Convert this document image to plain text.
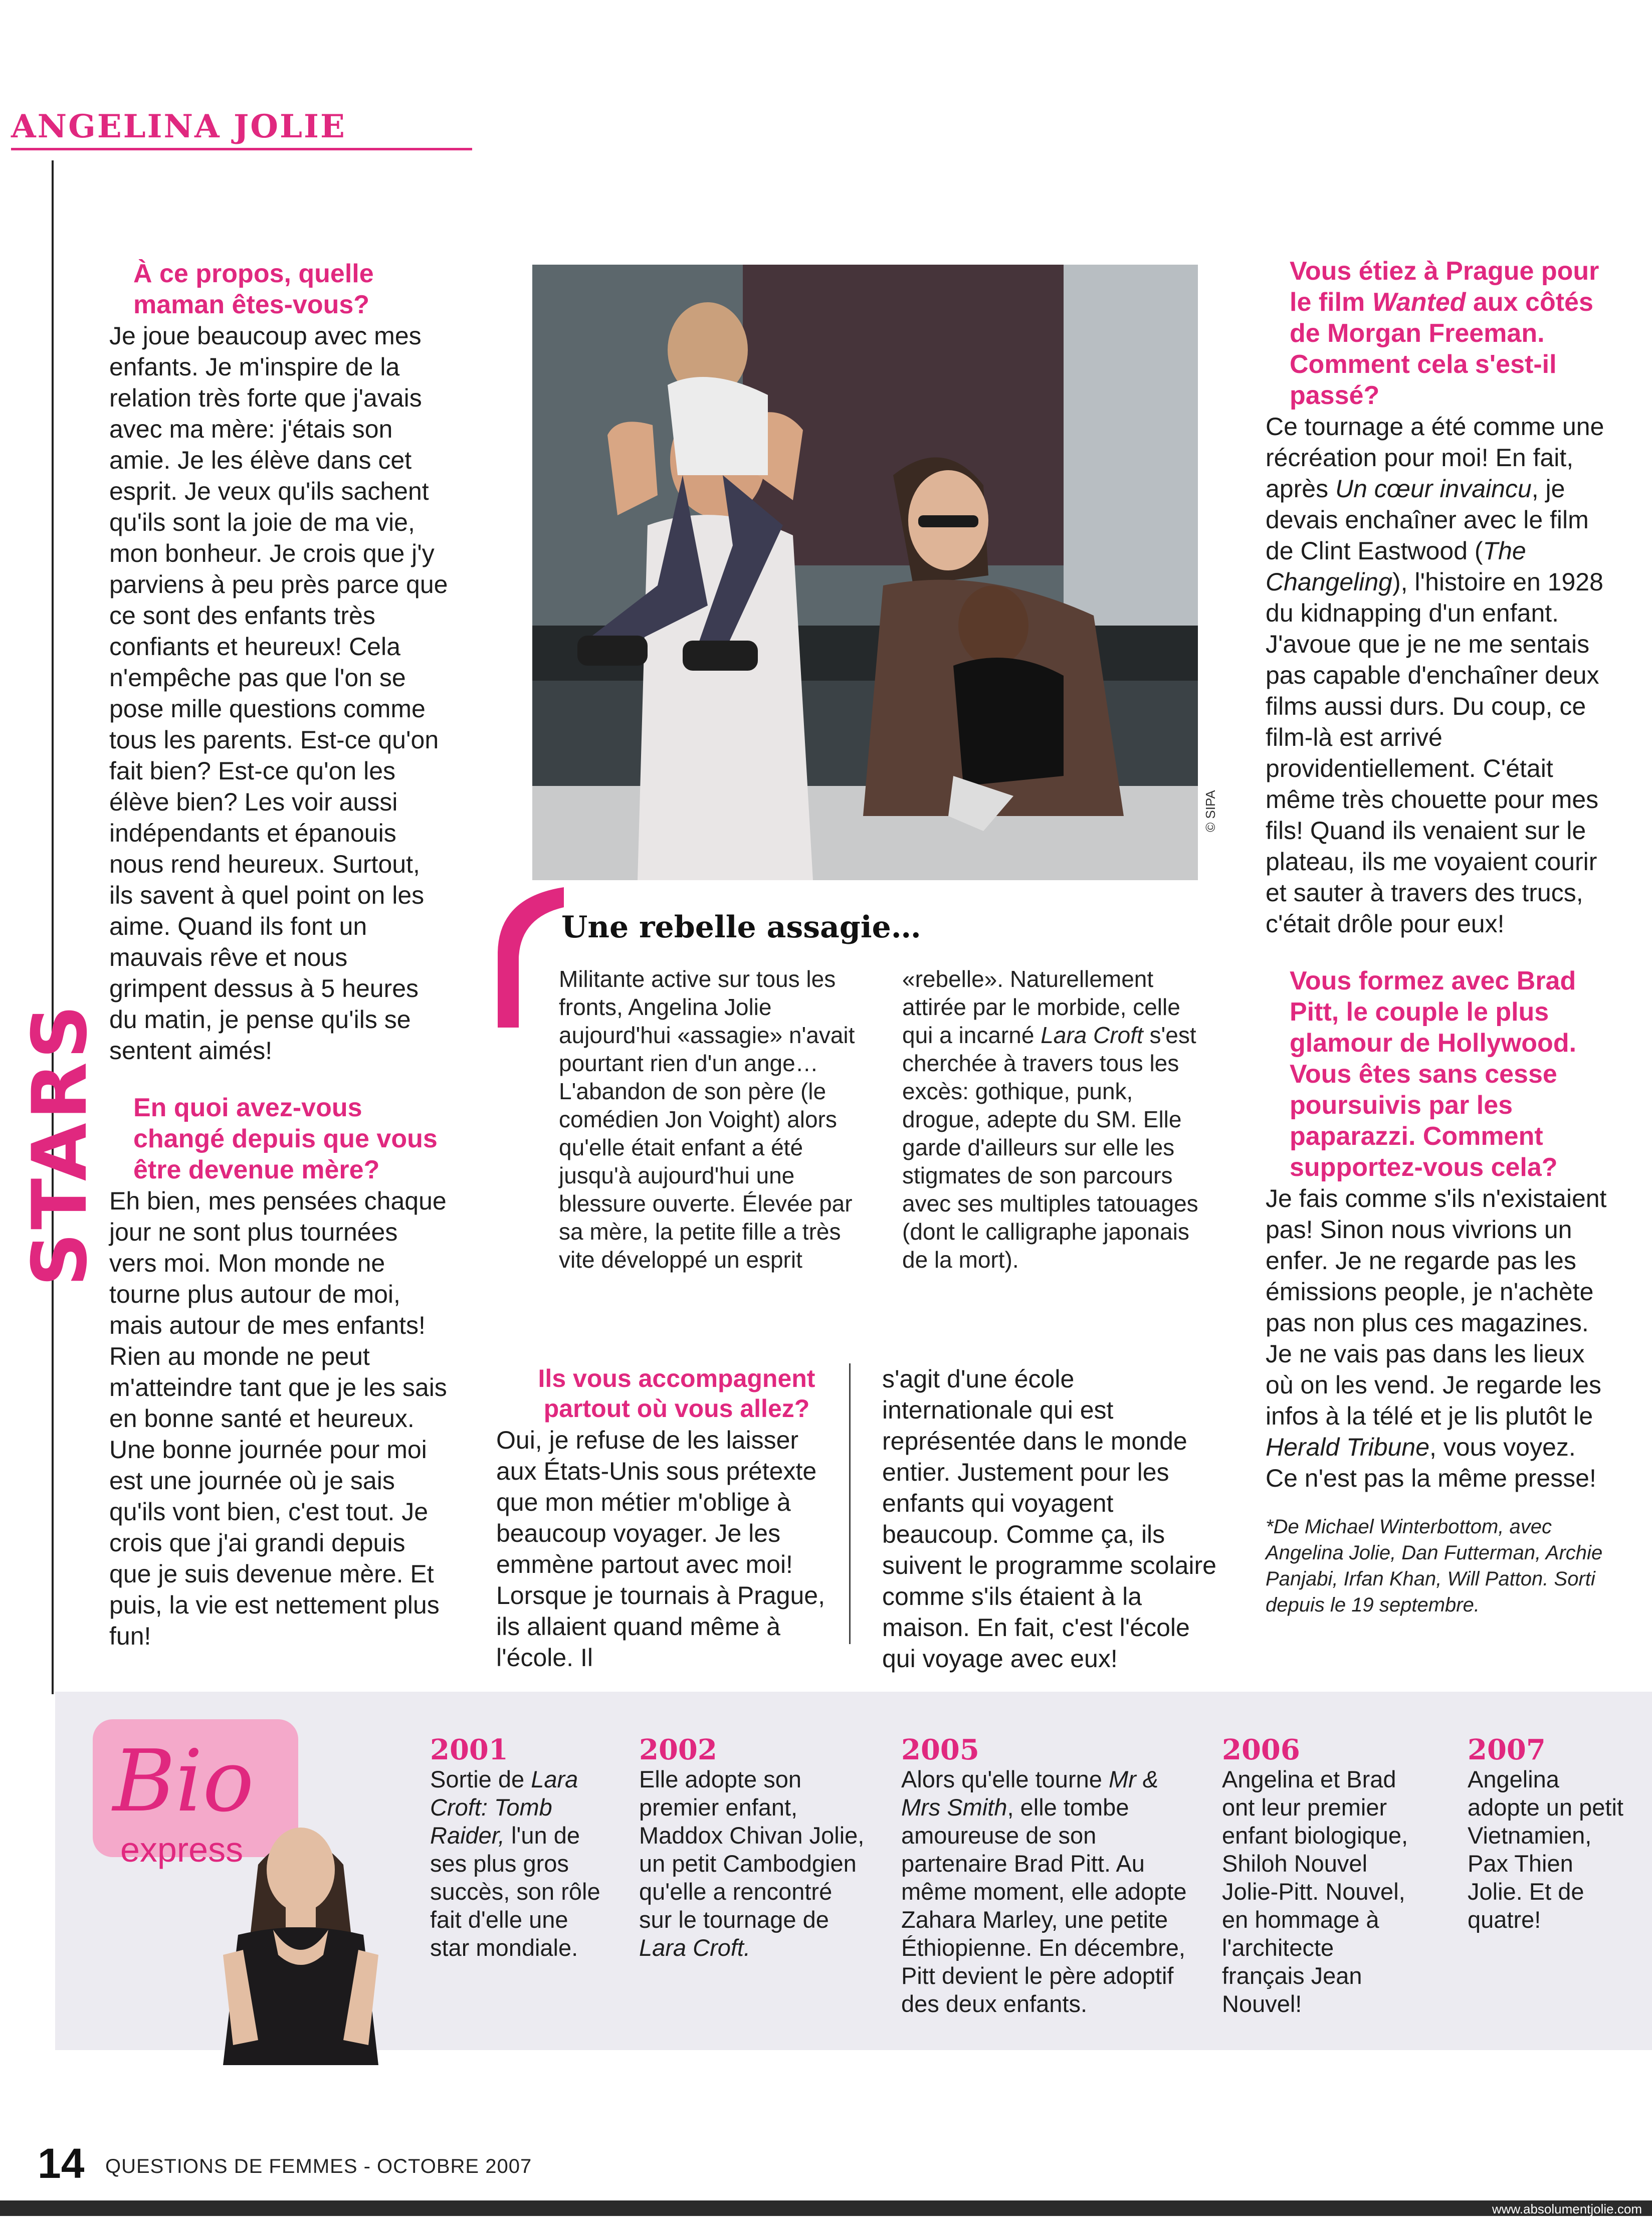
ANGELINA JOLIE
STARS

À ce propos, quelle maman êtes-vous?

Je joue beaucoup avec mes enfants. Je m'inspire de la relation très forte que j'avais avec ma mère: j'étais son amie. Je les élève dans cet esprit. Je veux qu'ils sachent qu'ils sont la joie de ma vie, mon bonheur. Je crois que j'y parviens à peu près parce que ce sont des enfants très confiants et heureux! Cela n'empêche pas que l'on se pose mille questions comme tous les parents. Est-ce qu'on fait bien? Est-ce qu'on les élève bien? Les voir aussi indépendants et épanouis nous rend heureux. Surtout, ils savent à quel point on les aime. Quand ils font un mauvais rêve et nous grimpent dessus à 5 heures du matin, je pense qu'ils se sentent aimés!

En quoi avez-vous changé depuis que vous être devenue mère?

Eh bien, mes pensées chaque jour ne sont plus tournées vers moi. Mon monde ne tourne plus autour de moi, mais autour de mes enfants! Rien au monde ne peut m'atteindre tant que je les sais en bonne santé et heureux. Une bonne journée pour moi est une journée où je sais qu'ils vont bien, c'est tout. Je crois que j'ai grandi depuis que je suis devenue mère. Et puis, la vie est nettement plus fun!

© SIPA
Une rebelle assagie…
Militante active sur tous les fronts, Angelina Jolie aujourd'hui «assagie» n'avait pourtant rien d'un ange… L'abandon de son père (le comédien Jon Voight) alors qu'elle était enfant a été jusqu'à aujourd'hui une blessure ouverte. Élevée par sa mère, la petite fille a très vite développé un esprit
«rebelle». Naturellement attirée par le morbide, celle qui a incarné Lara Croft s'est cherchée à travers tous les excès: gothique, punk, drogue, adepte du SM. Elle garde d'ailleurs sur elle les stigmates de son parcours avec ses multiples tatouages (dont le calligraphe japonais de la mort).
Ils vous accompagnent partout où vous allez?
Oui, je refuse de les laisser aux États-Unis sous prétexte que mon métier m'oblige à beaucoup voyager. Je les emmène partout avec moi! Lorsque je tournais à Prague, ils allaient quand même à l'école. Il
s'agit d'une école internationale qui est représentée dans le monde entier. Justement pour les enfants qui voyagent beaucoup. Comme ça, ils suivent le programme scolaire comme s'ils étaient à la maison. En fait, c'est l'école qui voyage avec eux!

Vous étiez à Prague pour le film Wanted aux côtés de Morgan Freeman. Comment cela s'est-il passé?

Ce tournage a été comme une récréation pour moi! En fait, après Un cœur invaincu, je devais enchaîner avec le film de Clint Eastwood (The Changeling), l'histoire en 1928 du kidnapping d'un enfant. J'avoue que je ne me sentais pas capable d'enchaîner deux films aussi durs. Du coup, ce film-là est arrivé providentiellement. C'était même très chouette pour mes fils! Quand ils venaient sur le plateau, ils me voyaient courir et sauter à travers des trucs, c'était drôle pour eux!

Vous formez avec Brad Pitt, le couple le plus glamour de Hollywood. Vous êtes sans cesse poursuivis par les paparazzi. Comment supportez-vous cela?

Je fais comme s'ils n'existaient pas! Sinon nous vivrions un enfer. Je ne regarde pas les émissions people, je n'achète pas non plus ces magazines. Je ne vais pas dans les lieux où on les vend. Je regarde les infos à la télé et je lis plutôt le Herald Tribune, vous voyez. Ce n'est pas la même presse!

*De Michael Winterbottom, avec Angelina Jolie, Dan Futterman, Archie Panjabi, Irfan Khan, Will Patton. Sorti depuis le 19 septembre.

Bio
express
2001
Sortie de Lara Croft: Tomb Raider, l'un de ses plus gros succès, son rôle fait d'elle une star mondiale.
2002
Elle adopte son premier enfant, Maddox Chivan Jolie, un petit Cambodgien qu'elle a rencontré sur le tournage de Lara Croft.
2005
Alors qu'elle tourne Mr & Mrs Smith, elle tombe amoureuse de son partenaire Brad Pitt. Au même moment, elle adopte Zahara Marley, une petite Éthiopienne. En décembre, Pitt devient le père adoptif des deux enfants.
2006
Angelina et Brad ont leur premier enfant biologique, Shiloh Nouvel Jolie-Pitt. Nouvel, en hommage à l'architecte français Jean Nouvel!
2007
Angelina adopte un petit Vietnamien, Pax Thien Jolie. Et de quatre!
14 QUESTIONS DE FEMMES - OCTOBRE 2007
www.absolumentjolie.com
